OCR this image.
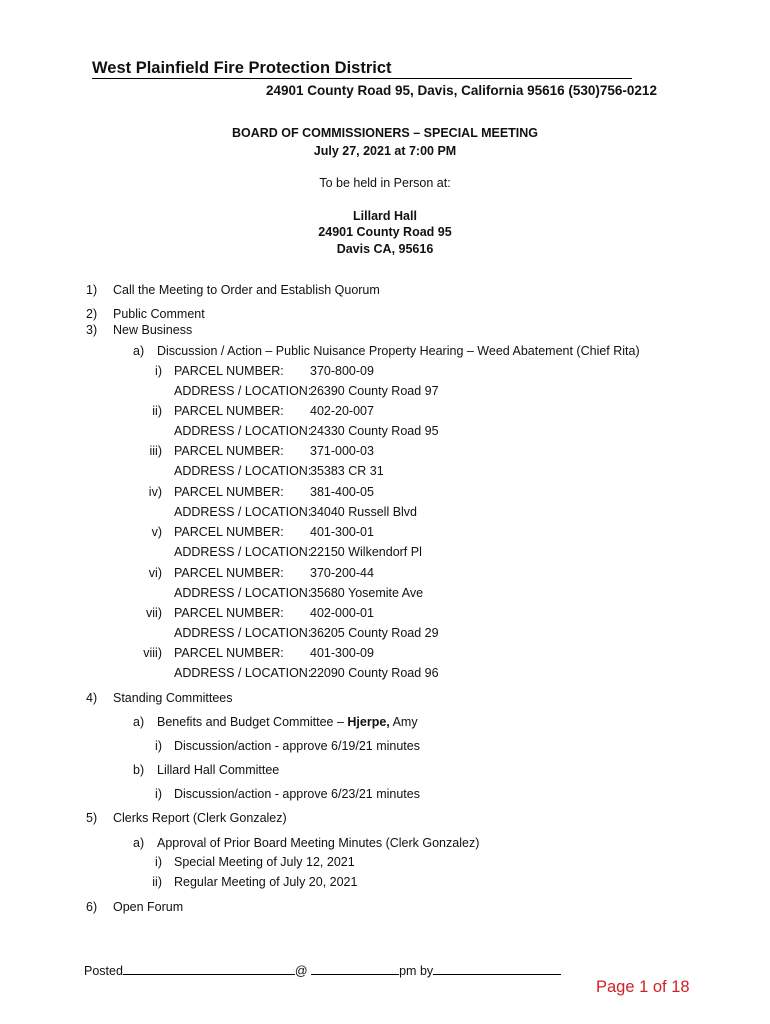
West Plainfield Fire Protection District
24901 County Road 95, Davis, California 95616 (530)756-0212
BOARD OF COMMISSIONERS – SPECIAL MEETING
July 27, 2021 at 7:00 PM
To be held in Person at:
Lillard Hall
24901 County Road 95
Davis CA, 95616
1) Call the Meeting to Order and Establish Quorum
2) Public Comment
3) New Business
a) Discussion / Action – Public Nuisance Property Hearing – Weed Abatement (Chief Rita)
i) PARCEL NUMBER: 370-800-09
ADDRESS / LOCATION:
26390 County Road 97
ii) PARCEL NUMBER: 402-20-007
ADDRESS / LOCATION:
24330 County Road 95
iii) PARCEL NUMBER: 371-000-03
ADDRESS / LOCATION:
35383 CR 31
iv) PARCEL NUMBER: 381-400-05
ADDRESS / LOCATION:
34040 Russell Blvd
v) PARCEL NUMBER: 401-300-01
ADDRESS / LOCATION:
22150 Wilkendorf Pl
vi) PARCEL NUMBER: 370-200-44
ADDRESS / LOCATION:
35680 Yosemite Ave
vii) PARCEL NUMBER: 402-000-01
ADDRESS / LOCATION:
36205 County Road 29
viii) PARCEL NUMBER: 401-300-09
ADDRESS / LOCATION:
22090 County Road 96
4) Standing Committees
a) Benefits and Budget Committee – Hjerpe, Amy
i) Discussion/action - approve 6/19/21 minutes
b) Lillard Hall Committee
i) Discussion/action - approve 6/23/21 minutes
5) Clerks Report (Clerk Gonzalez)
a) Approval of Prior Board Meeting Minutes (Clerk Gonzalez)
i) Special Meeting of July 12, 2021
ii) Regular Meeting of July 20, 2021
6) Open Forum
Posted	@	pm by
Page 1 of 18
